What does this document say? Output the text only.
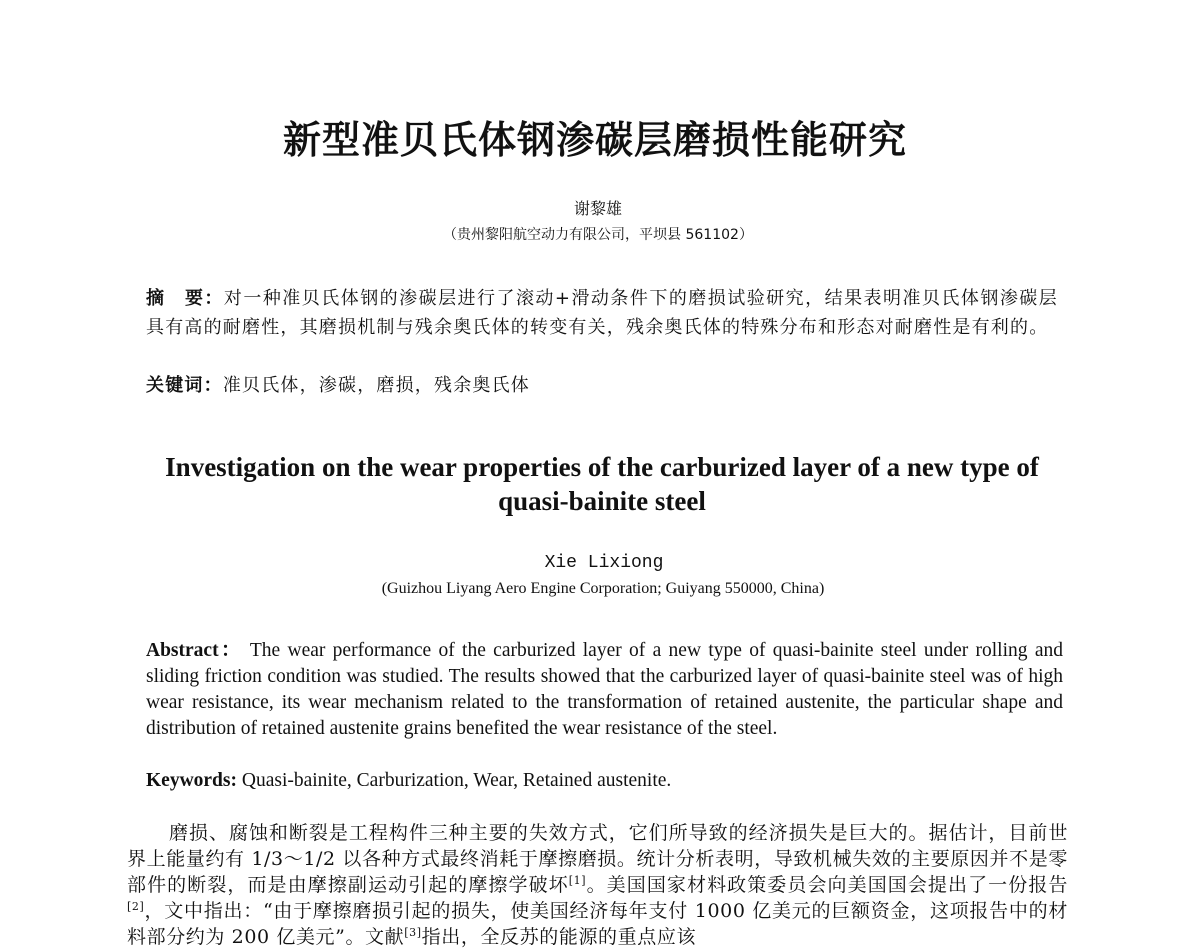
新型准贝氏体钢渗碳层磨损性能研究
谢黎雄
（贵州黎阳航空动力有限公司，平坝县 561102）
摘　要：对一种准贝氏体钢的渗碳层进行了滚动+滑动条件下的磨损试验研究，结果表明准贝氏体钢渗碳层具有高的耐磨性，其磨损机制与残余奥氏体的转变有关，残余奥氏体的特殊分布和形态对耐磨性是有利的。
关键词：准贝氏体，渗碳，磨损，残余奥氏体
Investigation on the wear properties of the carburized layer of a new type of quasi-bainite steel
Xie Lixiong
(Guizhou Liyang Aero Engine Corporation; Guiyang 550000, China)
Abstract： The wear performance of the carburized layer of a new type of quasi-bainite steel under rolling and sliding friction condition was studied. The results showed that the carburized layer of quasi-bainite steel was of high wear resistance, its wear mechanism related to the transformation of retained austenite, the particular shape and distribution of retained austenite grains benefited the wear resistance of the steel.
Keywords: Quasi-bainite, Carburization, Wear, Retained austenite.
磨损、腐蚀和断裂是工程构件三种主要的失效方式，它们所导致的经济损失是巨大的。据估计，目前世界上能量约有 1/3～1/2 以各种方式最终消耗于摩擦磨损。统计分析表明，导致机械失效的主要原因并不是零部件的断裂，而是由摩擦副运动引起的摩擦学破坏[1]。美国国家材料政策委员会向美国国会提出了一份报告[2]，文中指出：“由于摩擦磨损引起的损失，使美国经济每年支付 1000 亿美元的巨额资金，这项报告中的材料部分约为 200 亿美元”。文献[3]指出，全反苏的能源的重点应该
